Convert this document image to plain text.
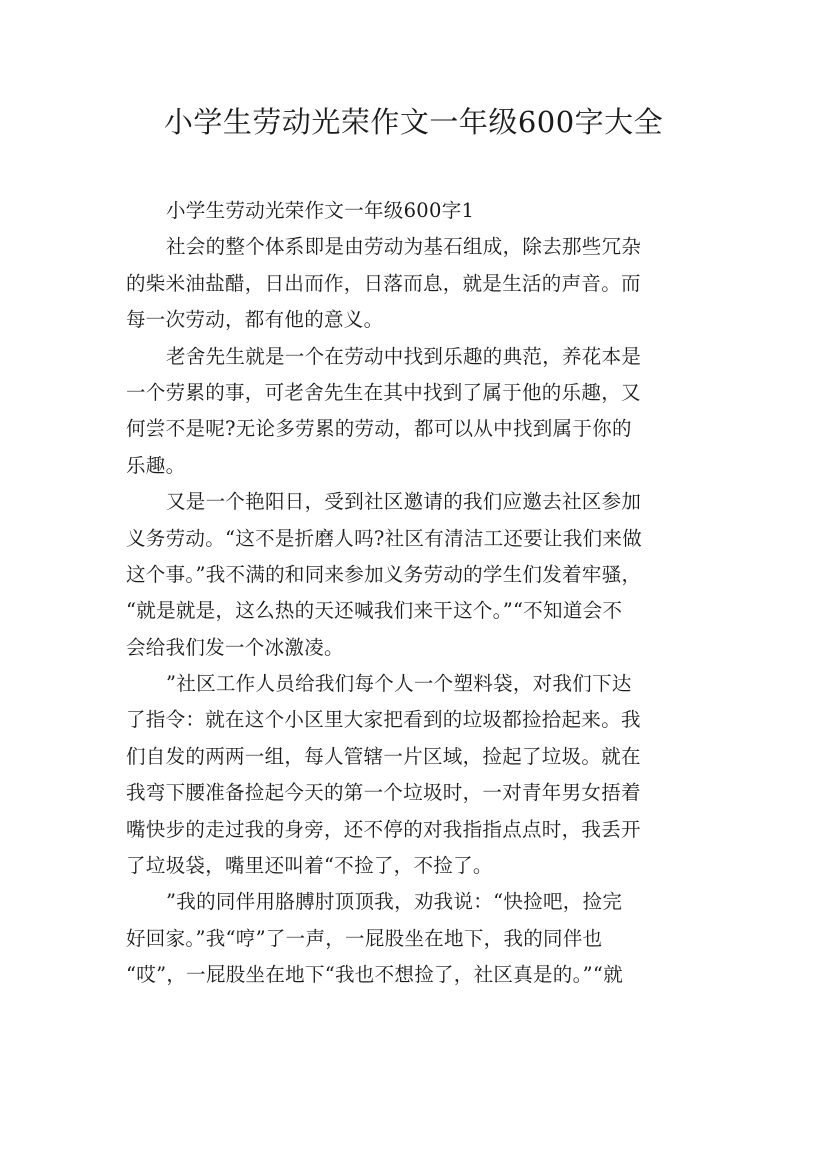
小学生劳动光荣作文一年级600字大全
小学生劳动光荣作文一年级600字1
社会的整个体系即是由劳动为基石组成，除去那些冗杂
的柴米油盐醋，日出而作，日落而息，就是生活的声音。而
每一次劳动，都有他的意义。
老舍先生就是一个在劳动中找到乐趣的典范，养花本是
一个劳累的事，可老舍先生在其中找到了属于他的乐趣，又
何尝不是呢?无论多劳累的劳动，都可以从中找到属于你的
乐趣。
又是一个艳阳日，受到社区邀请的我们应邀去社区参加
义务劳动。“这不是折磨人吗?社区有清洁工还要让我们来做
这个事。”我不满的和同来参加义务劳动的学生们发着牢骚，
“就是就是，这么热的天还喊我们来干这个。”“不知道会不
会给我们发一个冰激凌。
”社区工作人员给我们每个人一个塑料袋，对我们下达
了指令：就在这个小区里大家把看到的垃圾都捡拾起来。我
们自发的两两一组，每人管辖一片区域，捡起了垃圾。就在
我弯下腰准备捡起今天的第一个垃圾时，一对青年男女捂着
嘴快步的走过我的身旁，还不停的对我指指点点时，我丢开
了垃圾袋，嘴里还叫着“不捡了，不捡了。
”我的同伴用胳膊肘顶顶我，劝我说：“快捡吧，捡完
好回家。”我“哼”了一声，一屁股坐在地下，我的同伴也
“哎”，一屁股坐在地下“我也不想捡了，社区真是的。”“就
